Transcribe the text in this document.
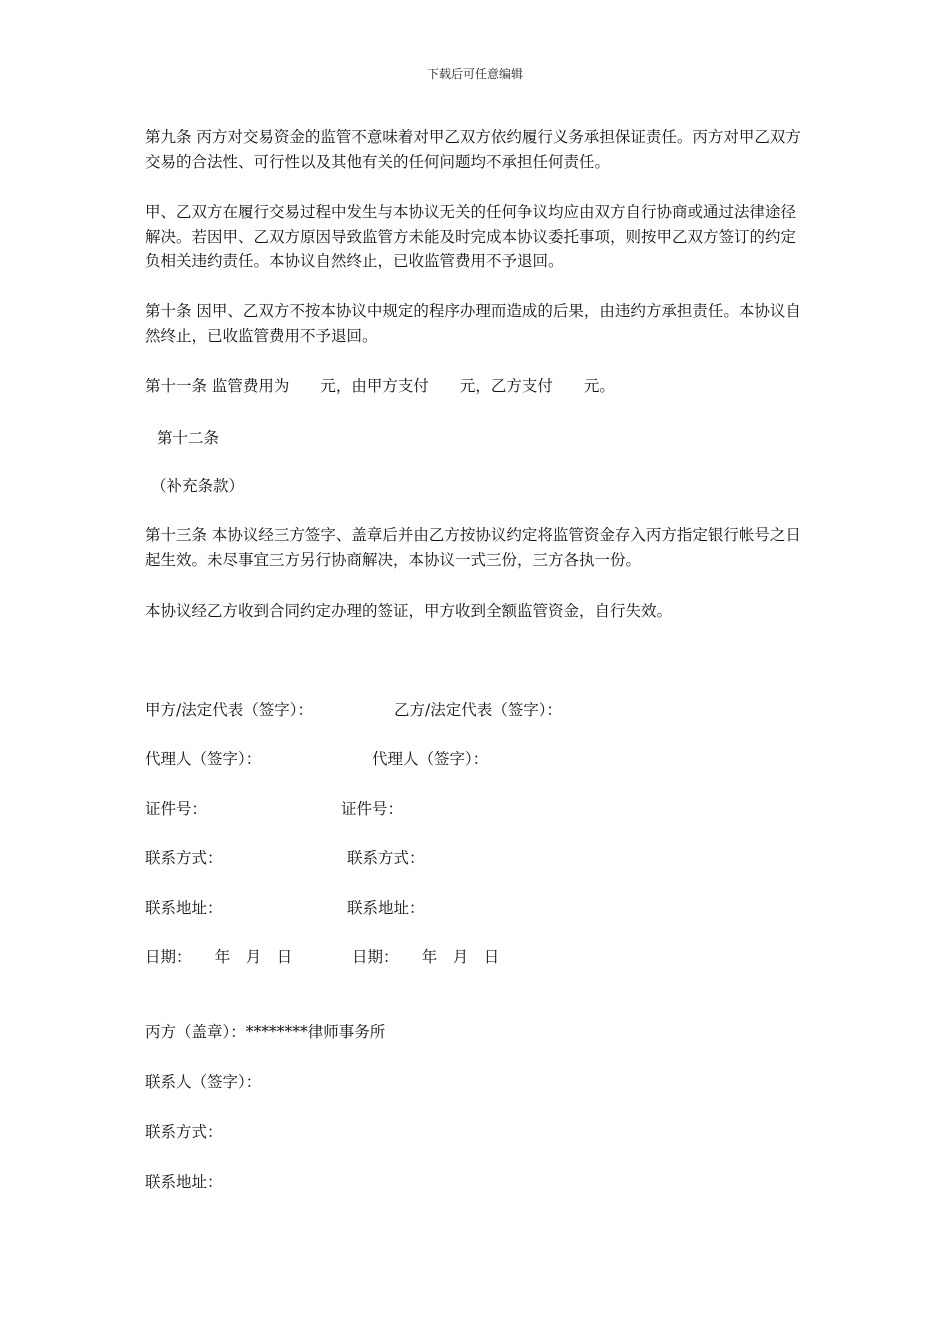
下载后可任意编辑

第九条 丙方对交易资金的监管不意味着对甲乙双方依约履行义务承担保证责任。丙方对甲乙双方交易的合法性、可行性以及其他有关的任何问题均不承担任何责任。

甲、乙双方在履行交易过程中发生与本协议无关的任何争议均应由双方自行协商或通过法律途径解决。若因甲、乙双方原因导致监管方未能及时完成本协议委托事项，则按甲乙双方签订的约定负相关违约责任。本协议自然终止，已收监管费用不予退回。

第十条 因甲、乙双方不按本协议中规定的程序办理而造成的后果，由违约方承担责任。本协议自然终止，已收监管费用不予退回。

第十一条 监管费用为　　元，由甲方支付　　元，乙方支付　　元。

第十二条
（补充条款）

第十三条 本协议经三方签字、盖章后并由乙方按协议约定将监管资金存入丙方指定银行帐号之日起生效。未尽事宜三方另行协商解决，本协议一式三份，三方各执一份。

本协议经乙方收到合同约定办理的签证，甲方收到全额监管资金，自行失效。

甲方/法定代表（签字）：	乙方/法定代表（签字）：
代理人（签字）：	代理人（签字）：
证件号：	证件号：
联系方式：	联系方式：
联系地址：	联系地址：
日期：　　年　月　日	日期：　　年　月　日
丙方（盖章）：********律师事务所
联系人（签字）：
联系方式：
联系地址：
